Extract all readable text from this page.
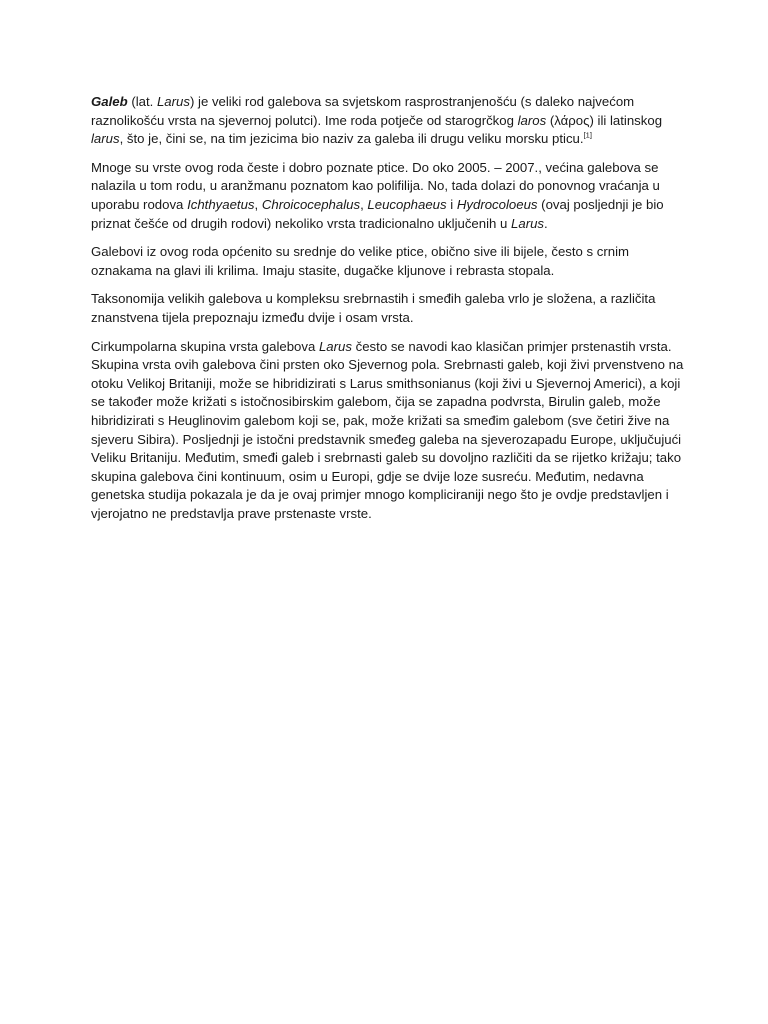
Galeb (lat. Larus) je veliki rod galebova sa svjetskom rasprostranjenošću (s daleko najvećom raznolikošću vrsta na sjevernoj polutci). Ime roda potječe od starogrčkog laros (λάρος) ili latinskog larus, što je, čini se, na tim jezicima bio naziv za galeba ili drugu veliku morsku pticu.[1]

Mnoge su vrste ovog roda česte i dobro poznate ptice. Do oko 2005. – 2007., većina galebova se nalazila u tom rodu, u aranžmanu poznatom kao polifilija. No, tada dolazi do ponovnog vraćanja u uporabu rodova Ichthyaetus, Chroicocephalus, Leucophaeus i Hydrocoloeus (ovaj posljednji je bio priznat češće od drugih rodovi) nekoliko vrsta tradicionalno uključenih u Larus.

Galebovi iz ovog roda općenito su srednje do velike ptice, obično sive ili bijele, često s crnim oznakama na glavi ili krilima. Imaju stasite, dugačke kljunove i rebrasta stopala.

Taksonomija velikih galebova u kompleksu srebrnastih i smeđih galeba vrlo je složena, a različita znanstvena tijela prepoznaju između dvije i osam vrsta.

Cirkumpolarna skupina vrsta galebova Larus često se navodi kao klasičan primjer prstenastih vrsta. Skupina vrsta ovih galebova čini prsten oko Sjevernog pola. Srebrnasti galeb, koji živi prvenstveno na otoku Velikoj Britaniji, može se hibridizirati s Larus smithsonianus (koji živi u Sjevernoj Americi), a koji se također može križati s istočnosibirskim galebom, čija se zapadna podvrsta, Birulin galeb, može hibridizirati s Heuglinovim galebom koji se, pak, može križati sa smeđim galebom (sve četiri žive na sjeveru Sibira). Posljednji je istočni predstavnik smeđeg galeba na sjeverozapadu Europe, uključujući Veliku Britaniju. Međutim, smeđi galeb i srebrnasti galeb su dovoljno različiti da se rijetko križaju; tako skupina galebova čini kontinuum, osim u Europi, gdje se dvije loze susreću. Međutim, nedavna genetska studija pokazala je da je ovaj primjer mnogo kompliciraniji nego što je ovdje predstavljen i vjerojatno ne predstavlja prave prstenaste vrste.
